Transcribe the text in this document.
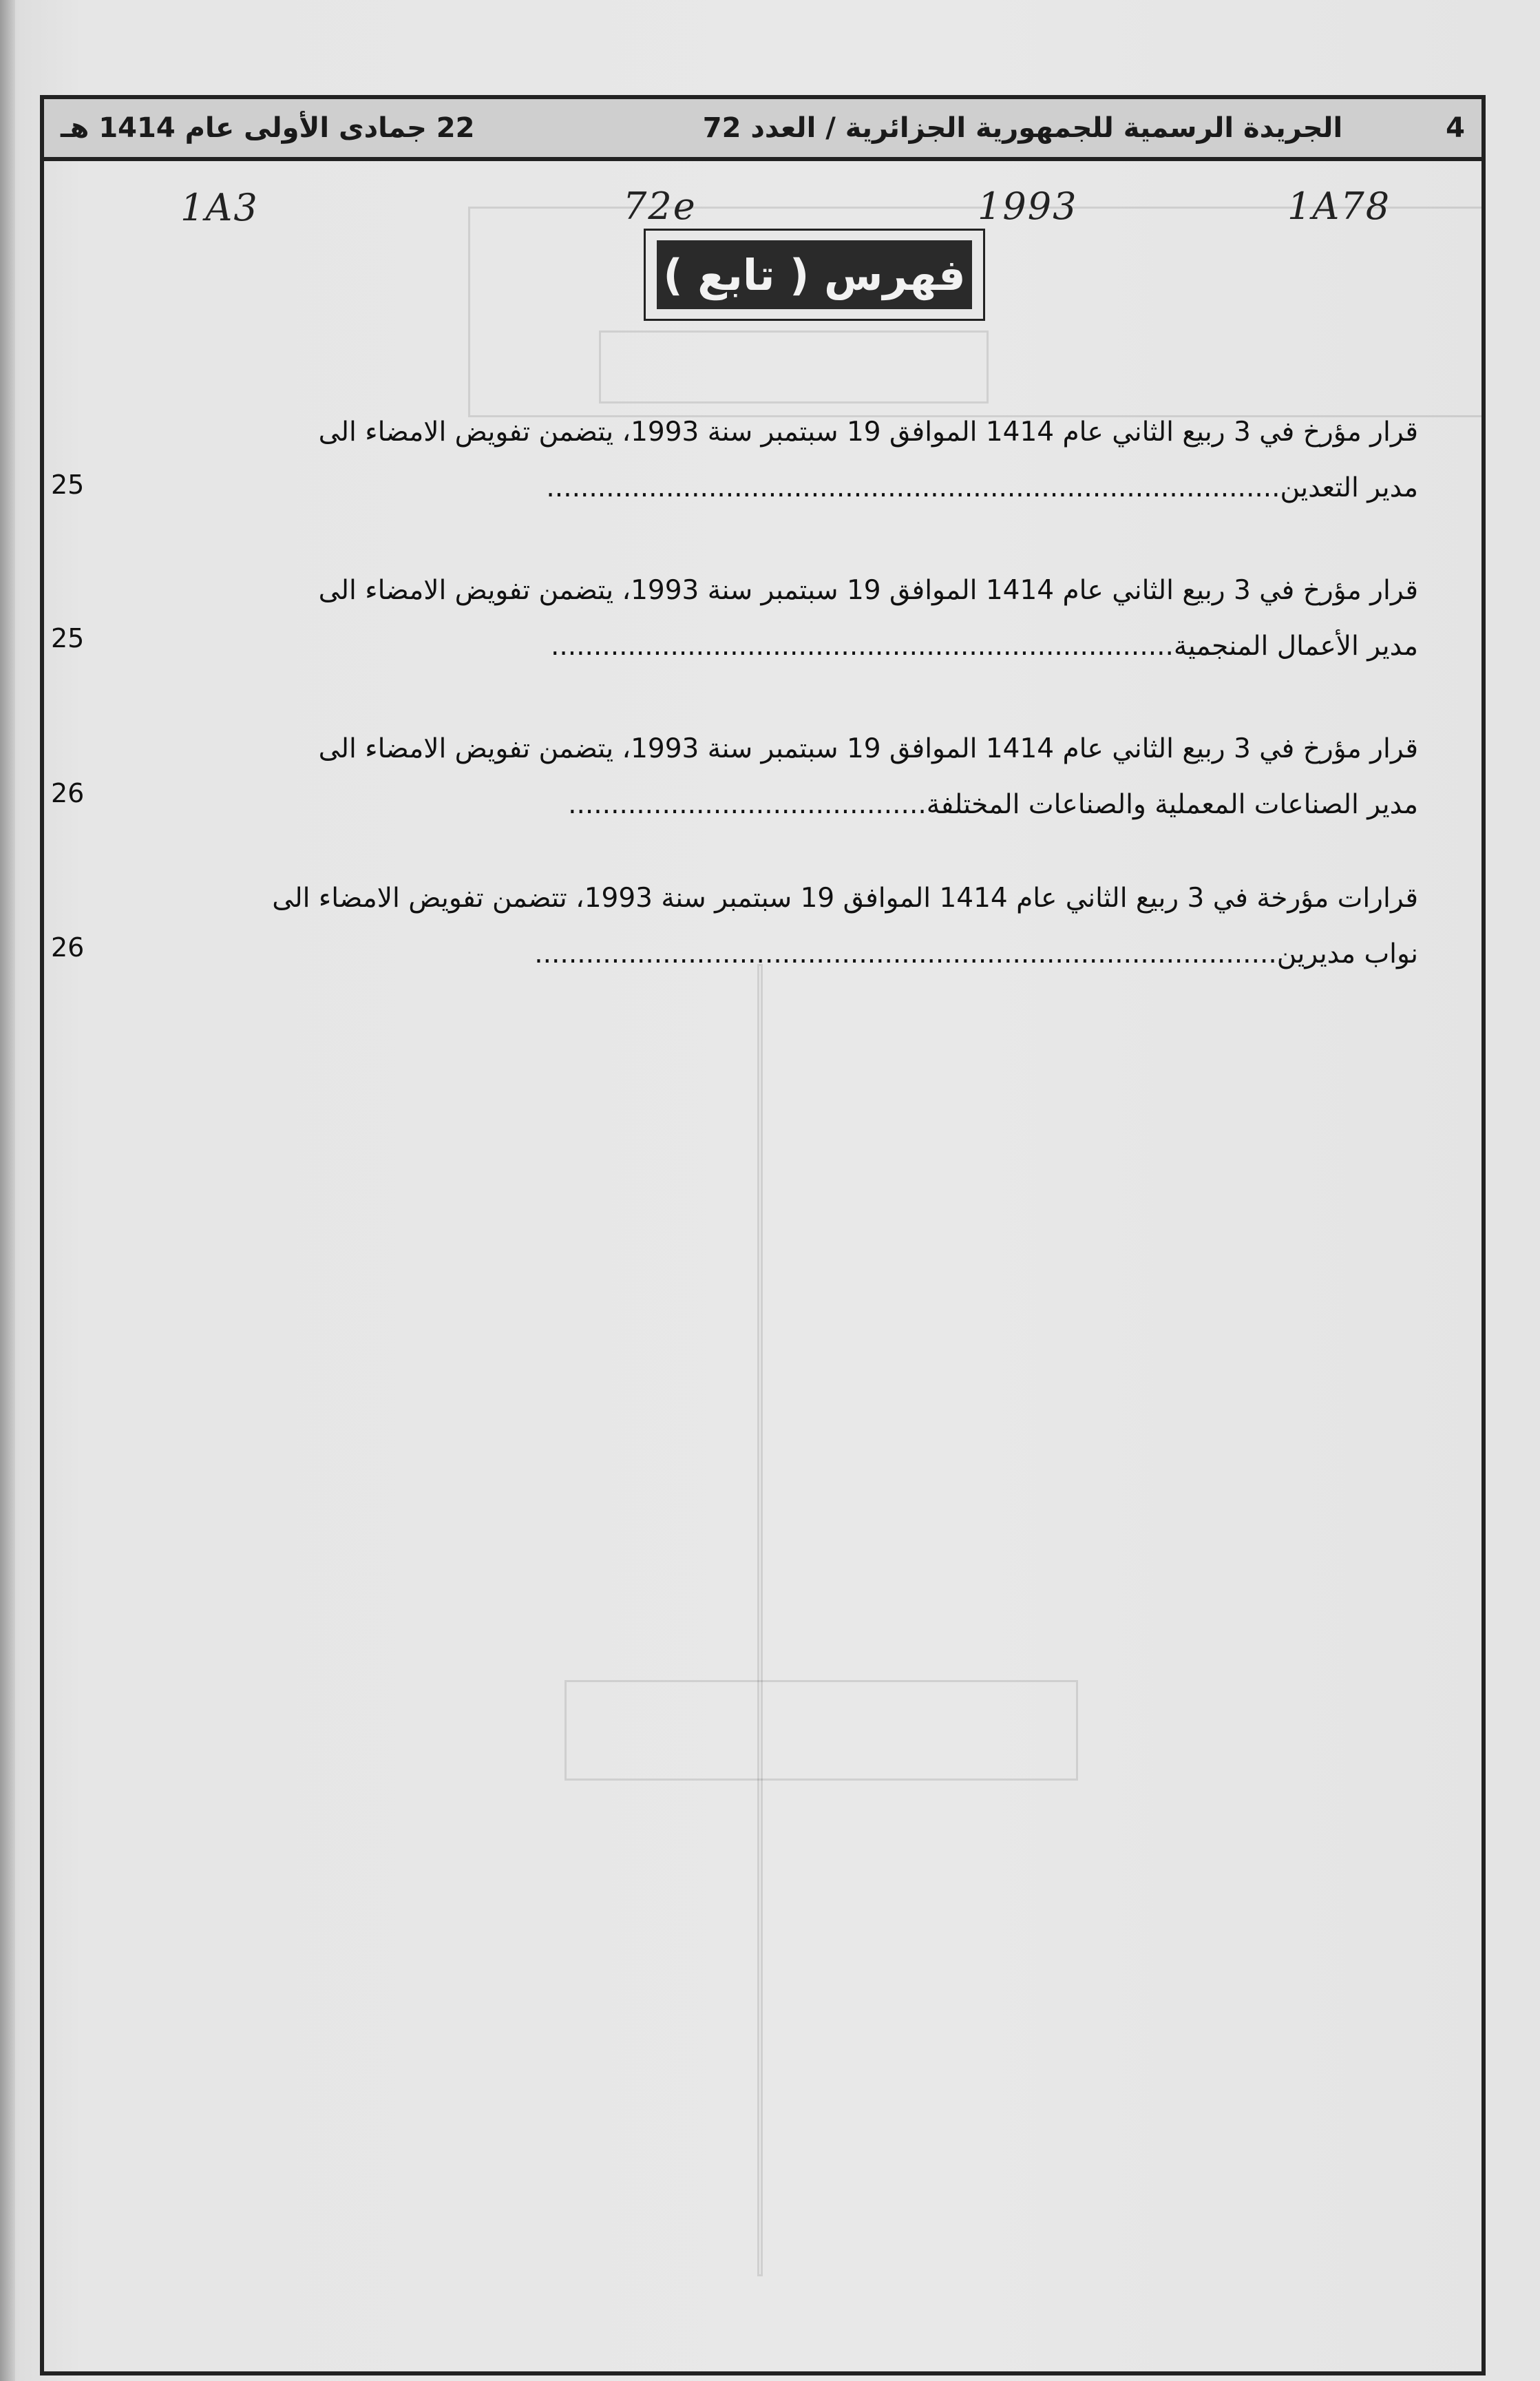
4
الجريدة الرسمية للجمهورية الجزائرية / العدد 72
22 جمادى الأولى عام 1414 هـ
1A3	72e	1993	1A78
فهرس ( تابع )
قرار مؤرخ في 3 ربيع الثاني عام 1414 الموافق 19 سبتمبر سنة 1993، يتضمن تفويض الامضاء الى
مدير التعدين......................................................................................
25
قرار مؤرخ في 3 ربيع الثاني عام 1414 الموافق 19 سبتمبر سنة 1993، يتضمن تفويض الامضاء الى
مدير الأعمال المنجمية.........................................................................
25
قرار مؤرخ في 3 ربيع الثاني عام 1414 الموافق 19 سبتمبر سنة 1993، يتضمن تفويض الامضاء الى
مدير الصناعات المعملية والصناعات المختلفة..........................................
26
قرارات مؤرخة في 3 ربيع الثاني عام 1414 الموافق 19 سبتمبر سنة 1993، تتضمن تفويض الامضاء الى
نواب مديرين.......................................................................................
26
